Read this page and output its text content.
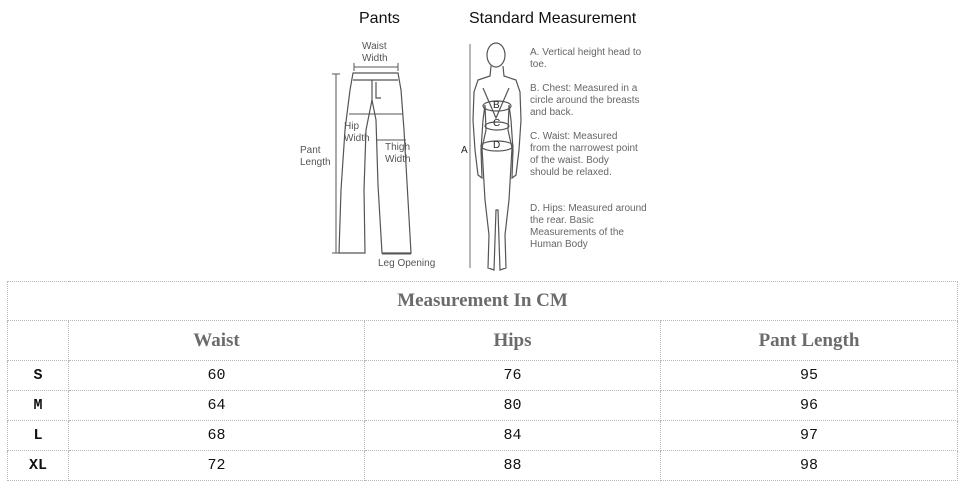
Pants	Standard Measurement
Waist
Width
Hip
Width
Thigh
Width
Pant
Length
Leg Opening
A
B
C
D
A. Vertical height head to toe.
B. Chest: Measured in a circle around the breasts and back.
C. Waist: Measured from the narrowest point of the waist. Body should be relaxed.
D. Hips: Measured around the rear. Basic Measurements of the Human Body
Measurement In CM			
	Waist	Hips	Pant Length
S	60	76	95
M	64	80	96
L	68	84	97
XL	72	88	98
